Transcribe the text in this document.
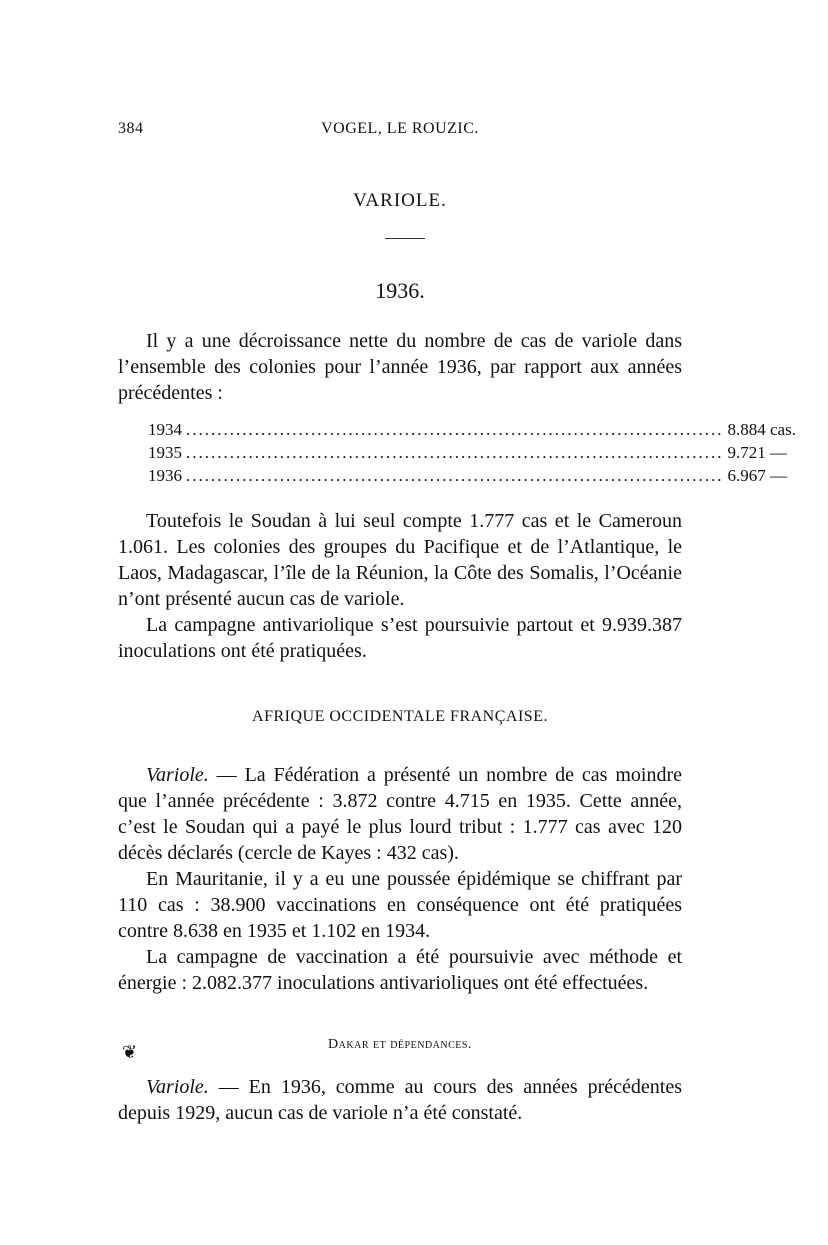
384	VOGEL, LE ROUZIC.
VARIOLE.
1936.

Il y a une décroissance nette du nombre de cas de variole dans l’ensemble des colonies pour l’année 1936, par rapport aux années précédentes :

1934 ...................................................................................... 8.884 cas.
1935 ...................................................................................... 9.721 —
1936 ...................................................................................... 6.967 —

Toutefois le Soudan à lui seul compte 1.777 cas et le Cameroun 1.061. Les colonies des groupes du Pacifique et de l’Atlantique, le Laos, Madagascar, l’île de la Réunion, la Côte des Somalis, l’Océanie n’ont présenté aucun cas de variole.

La campagne antivariolique s’est poursuivie partout et 9.939.387 inoculations ont été pratiquées.

AFRIQUE OCCIDENTALE FRANÇAISE.

Variole. — La Fédération a présenté un nombre de cas moindre que l’année précédente : 3.872 contre 4.715 en 1935. Cette année, c’est le Soudan qui a payé le plus lourd tribut : 1.777 cas avec 120 décès déclarés (cercle de Kayes : 432 cas).

En Mauritanie, il y a eu une poussée épidémique se chiffrant par 110 cas : 38.900 vaccinations en conséquence ont été pratiquées contre 8.638 en 1935 et 1.102 en 1934.

La campagne de vaccination a été poursuivie avec méthode et énergie : 2.082.377 inoculations antivarioliques ont été effectuées.

❦	Dakar et dépendances.

Variole. — En 1936, comme au cours des années précédentes depuis 1929, aucun cas de variole n’a été constaté.
